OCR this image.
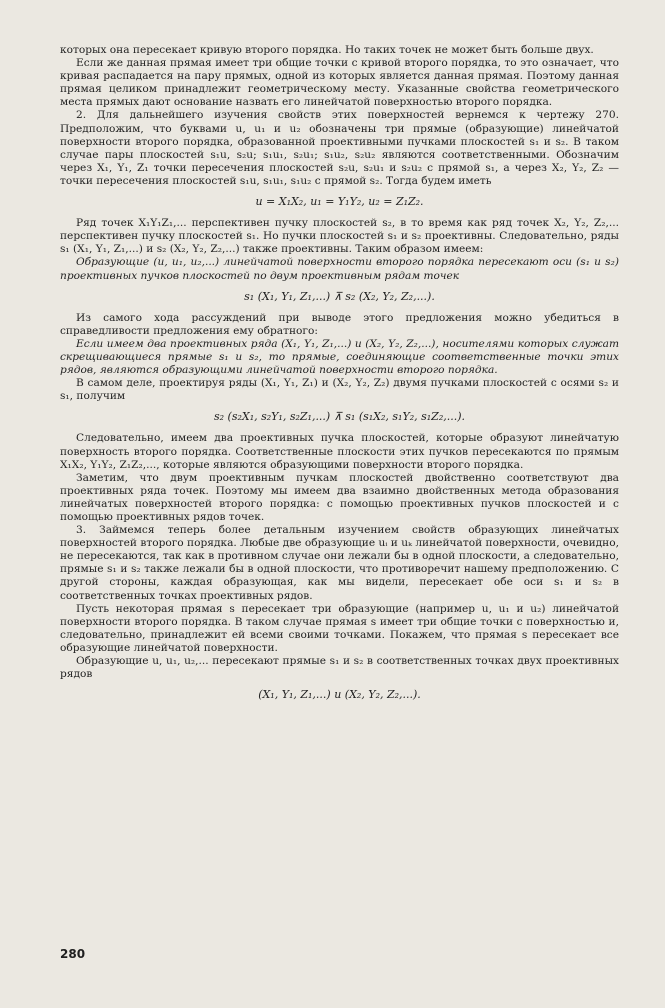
которых она пересекает кривую второго порядка. Но таких точек не может быть больше двух.

Если же данная прямая имеет три общие точки с кривой второго порядка, то это означает, что кривая распадается на пару прямых, одной из которых является данная прямая. Поэтому данная прямая целиком принадлежит геометрическому месту. Указанные свойства геометрического места прямых дают основание назвать его линейчатой поверхностью второго порядка.

2. Для дальнейшего изучения свойств этих поверхностей вернемся к чертежу 270. Предположим, что буквами u, u₁ и u₂ обозначены три прямые (образующие) линейчатой поверхности второго порядка, образованной проективными пучками плоскостей s₁ и s₂. В таком случае пары плоскостей s₁u, s₂u; s₁u₁, s₂u₁; s₁u₂, s₂u₂ являются соответственными. Обозначим через X₁, Y₁, Z₁ точки пересечения плоскостей s₂u, s₂u₁ и s₂u₂ с прямой s₁, а через X₂, Y₂, Z₂ — точки пересечения плоскостей s₁u, s₁u₁, s₁u₂ с прямой s₂. Тогда будем иметь

u = X₁X₂, u₁ = Y₁Y₂, u₂ = Z₁Z₂.

Ряд точек X₁Y₁Z₁,... перспективен пучку плоскостей s₂, в то время как ряд точек X₂, Y₂, Z₂,... перспективен пучку плоскостей s₁. Но пучки плоскостей s₁ и s₂ проективны. Следовательно, ряды s₁ (X₁, Y₁, Z₁,...) и s₂ (X₂, Y₂, Z₂,...) также проективны. Таким образом имеем:

Образующие (u, u₁, u₂,...) линейчатой поверхности второго порядка пересекают оси (s₁ и s₂) проективных пучков плоскостей по двум проективным рядам точек

s₁ (X₁, Y₁, Z₁,...) ⊼ s₂ (X₂, Y₂, Z₂,...).

Из самого хода рассуждений при выводе этого предложения можно убедиться в справедливости предложения ему обратного:

Если имеем два проективных ряда (X₁, Y₁, Z₁,...) и (X₂, Y₂, Z₂,...), носителями которых служат скрещивающиеся прямые s₁ и s₂, то прямые, соединяющие соответственные точки этих рядов, являются образующими линейчатой поверхности второго порядка.

В самом деле, проектируя ряды (X₁, Y₁, Z₁) и (X₂, Y₂, Z₂) двумя пучками плоскостей с осями s₂ и s₁, получим

s₂ (s₂X₁, s₂Y₁, s₂Z₁,...) ⊼ s₁ (s₁X₂, s₁Y₂, s₁Z₂,...).

Следовательно, имеем два проективных пучка плоскостей, которые образуют линейчатую поверхность второго порядка. Соответственные плоскости этих пучков пересекаются по прямым X₁X₂, Y₁Y₂, Z₁Z₂,..., которые являются образующими поверхности второго порядка.

Заметим, что двум проективным пучкам плоскостей двойственно соответствуют два проективных ряда точек. Поэтому мы имеем два взаимно двойственных метода образования линейчатых поверхностей второго порядка: с помощью проективных пучков плоскостей и с помощью проективных рядов точек.

3. Займемся теперь более детальным изучением свойств образующих линейчатых поверхностей второго порядка. Любые две образующие uᵢ и uₖ линейчатой поверхности, очевидно, не пересекаются, так как в противном случае они лежали бы в одной плоскости, а следовательно, прямые s₁ и s₂ также лежали бы в одной плоскости, что противоречит нашему предположению. С другой стороны, каждая образующая, как мы видели, пересекает обе оси s₁ и s₂ в соответственных точках проективных рядов.

Пусть некоторая прямая s пересекает три образующие (например u, u₁ и u₂) линейчатой поверхности второго порядка. В таком случае прямая s имеет три общие точки с поверхностью и, следовательно, принадлежит ей всеми своими точками. Покажем, что прямая s пересекает все образующие линейчатой поверхности.

Образующие u, u₁, u₂,... пересекают прямые s₁ и s₂ в соответственных точках двух проективных рядов

(X₁, Y₁, Z₁,...) и (X₂, Y₂, Z₂,...).
280
